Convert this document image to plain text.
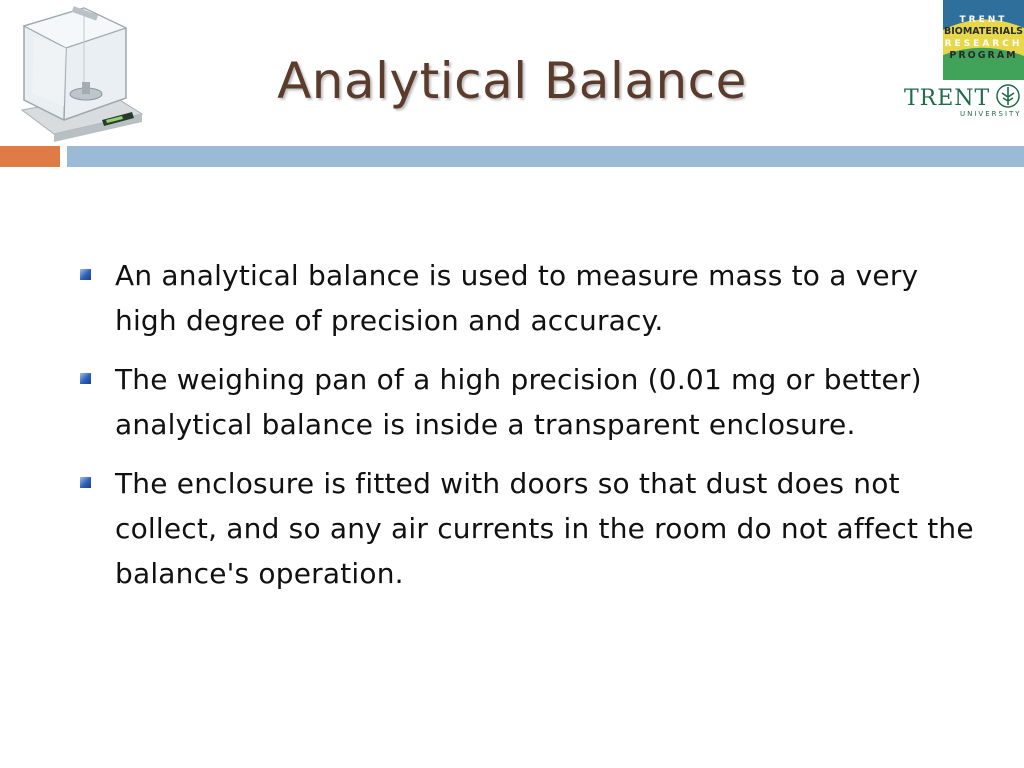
Analytical Balance
TRENT
BIOMATERIALS
RESEARCH
PROGRAM
TRENT
UNIVERSITY
An analytical balance is used to measure mass to a very high degree of precision and accuracy.
The weighing pan of a high precision (0.01 mg or better) analytical balance is inside a transparent enclosure.
The enclosure is fitted with doors so that dust does not collect, and so any air currents in the room do not affect the balance's operation.
